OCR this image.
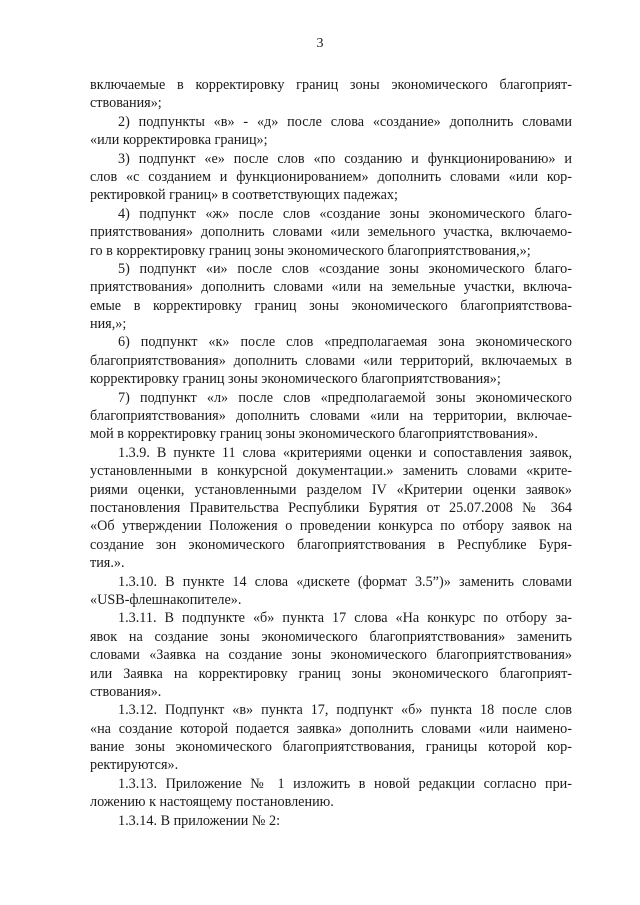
3
включаемые в корректировку границ зоны экономического благоприят-
ствования»;
2) подпункты «в» - «д» после слова «создание» дополнить словами
«или корректировка границ»;
3) подпункт «е» после слов «по созданию и функционированию» и
слов «с созданием и функционированием» дополнить словами «или кор-
ректировкой границ» в соответствующих падежах;
4) подпункт «ж» после слов «создание зоны экономического благо-
приятствования» дополнить словами «или земельного участка, включаемо-
го в корректировку границ зоны экономического благоприятствования,»;
5) подпункт «и» после слов «создание зоны экономического благо-
приятствования» дополнить словами «или на земельные участки, включа-
емые в корректировку границ зоны экономического благоприятствова-
ния,»;
6) подпункт «к» после слов «предполагаемая зона экономического
благоприятствования» дополнить словами «или территорий, включаемых в
корректировку границ зоны экономического благоприятствования»;
7) подпункт «л» после слов «предполагаемой зоны экономического
благоприятствования» дополнить словами «или на территории, включае-
мой в корректировку границ зоны экономического благоприятствования».
1.3.9. В пункте 11 слова «критериями оценки и сопоставления заявок,
установленными в конкурсной документации.» заменить словами «крите-
риями оценки, установленными разделом IV «Критерии оценки заявок»
постановления Правительства Республики Бурятия от 25.07.2008 № 364
«Об утверждении Положения о проведении конкурса по отбору заявок на
создание зон экономического благоприятствования в Республике Буря-
тия.».
1.3.10. В пункте 14 слова «дискете (формат 3.5”)» заменить словами
«USB-флешнакопителе».
1.3.11. В подпункте «б» пункта 17 слова «На конкурс по отбору за-
явок на создание зоны экономического благоприятствования» заменить
словами «Заявка на создание зоны экономического благоприятствования»
или Заявка на корректировку границ зоны экономического благоприят-
ствования».
1.3.12. Подпункт «в» пункта 17, подпункт «б» пункта 18 после слов
«на создание которой подается заявка» дополнить словами «или наимено-
вание зоны экономического благоприятствования, границы которой кор-
ректируются».
1.3.13. Приложение № 1 изложить в новой редакции согласно при-
ложению к настоящему постановлению.
1.3.14. В приложении № 2:
